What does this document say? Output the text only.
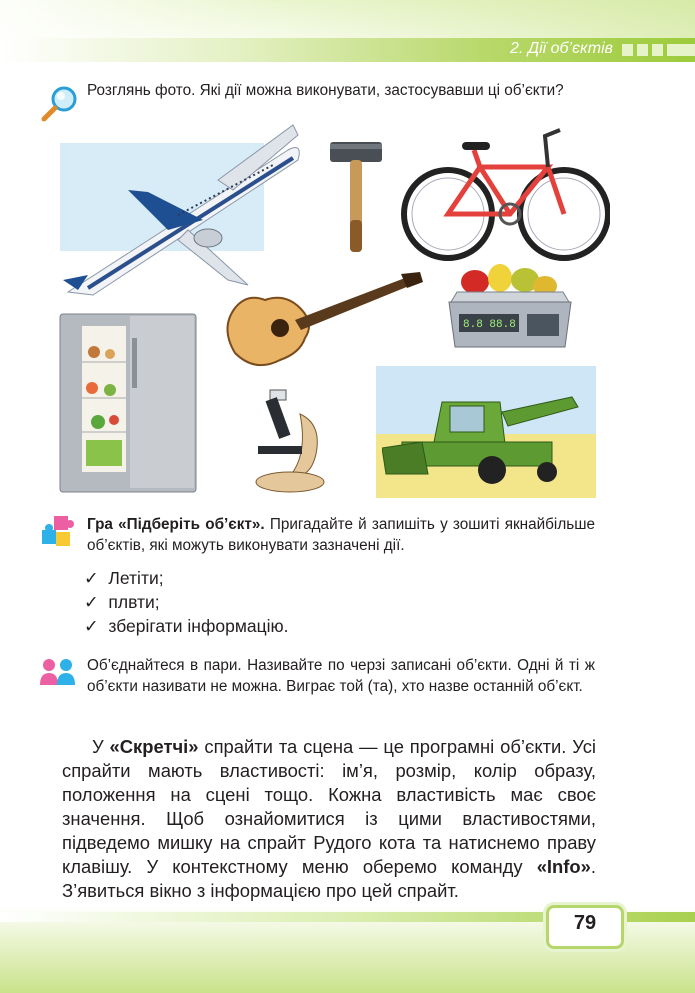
2. Дії об’єктів
Розглянь фото. Які дії можна виконувати, застосувавши ці об’єкти?
8.8 88.8
Гра «Підберіть об’єкт». Пригадайте й запишіть у зошиті якнайбільше об’єктів, які можуть виконувати зазначені дії.
✓ Летіти;
✓ плвти;
✓ зберігати інформацію.
Об’єднайтеся в пари. Називайте по черзі записані об’єкти. Одні й ті ж об’єкти називати не можна. Виграє той (та), хто назве останній об’єкт.
У «Скретчі» спрайти та сцена — це програмні об’єкти. Усі спрайти мають властивості: ім’я, розмір, колір образу, положення на сцені тощо. Кожна властивість має своє значення. Щоб ознайомитися із цими властивостями, підведемо мишку на спрайт Рудого кота та натиснемо праву клавішу. У контекстному меню оберемо команду «Info». З’явиться вікно з інформацією про цей спрайт.
79
